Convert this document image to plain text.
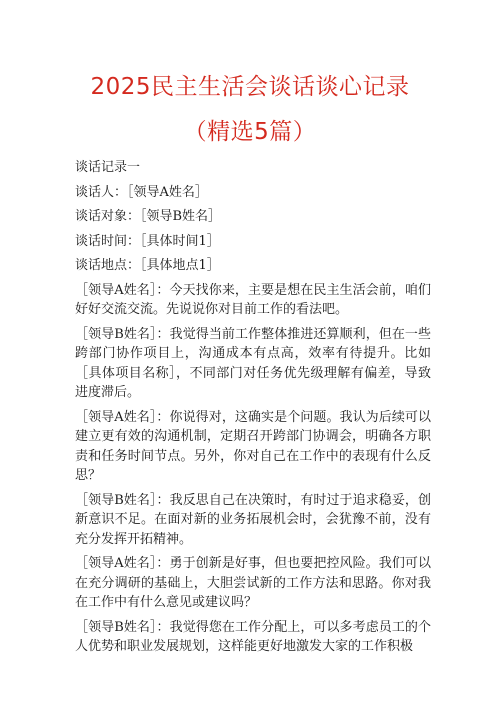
2025民主生活会谈话谈心记录
（精选5篇）
谈话记录一
谈话人：［领导A姓名］
谈话对象：［领导B姓名］
谈话时间：［具体时间1］
谈话地点：［具体地点1］

［领导A姓名］：今天找你来，主要是想在民主生活会前，咱们好好交流交流。先说说你对目前工作的看法吧。

［领导B姓名］：我觉得当前工作整体推进还算顺利，但在一些跨部门协作项目上，沟通成本有点高，效率有待提升。比如［具体项目名称］，不同部门对任务优先级理解有偏差，导致进度滞后。

［领导A姓名］：你说得对，这确实是个问题。我认为后续可以建立更有效的沟通机制，定期召开跨部门协调会，明确各方职责和任务时间节点。另外，你对自己在工作中的表现有什么反思？

［领导B姓名］：我反思自己在决策时，有时过于追求稳妥，创新意识不足。在面对新的业务拓展机会时，会犹豫不前，没有充分发挥开拓精神。

［领导A姓名］：勇于创新是好事，但也要把控风险。我们可以在充分调研的基础上，大胆尝试新的工作方法和思路。你对我在工作中有什么意见或建议吗？

［领导B姓名］：我觉得您在工作分配上，可以多考虑员工的个人优势和职业发展规划，这样能更好地激发大家的工作积极
